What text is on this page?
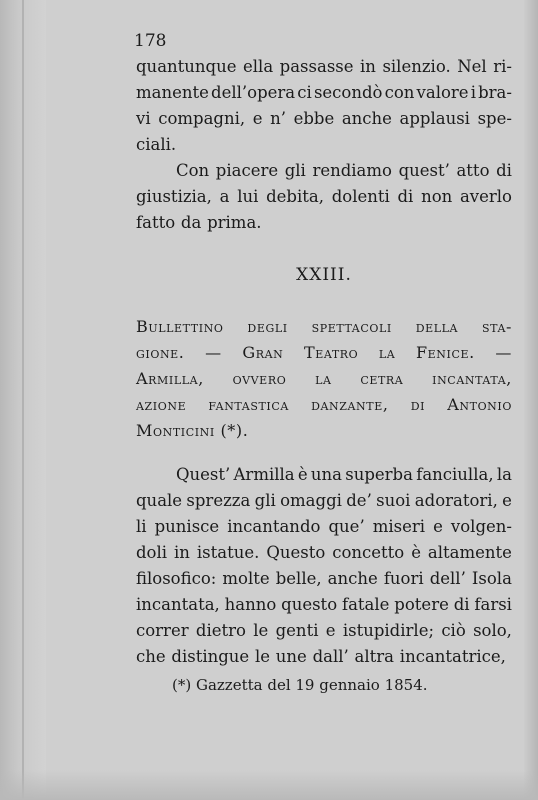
178
quantunque ella passasse in silenzio. Nel ri-
manente dell’opera ci secondò con valore i bra-
vi compagni, e n’ ebbe anche applausi spe-
ciali.
Con piacere gli rendiamo quest’ atto di
giustizia, a lui debita, dolenti di non averlo
fatto da prima.
XXIII.
Bullettino degli spettacoli della sta-
gione. — Gran Teatro la Fenice. —
Armilla, ovvero la cetra incantata,
azione fantastica danzante, di Antonio
Monticini (*).
Quest’ Armilla è una superba fanciulla, la
quale sprezza gli omaggi de’ suoi adoratori, e
li punisce incantando que’ miseri e volgen-
doli in istatue. Questo concetto è altamente
filosofico: molte belle, anche fuori dell’ Isola
incantata, hanno questo fatale potere di farsi
correr dietro le genti e istupidirle; ciò solo,
che distingue le une dall’ altra incantatrice,
(*) Gazzetta del 19 gennaio 1854.
